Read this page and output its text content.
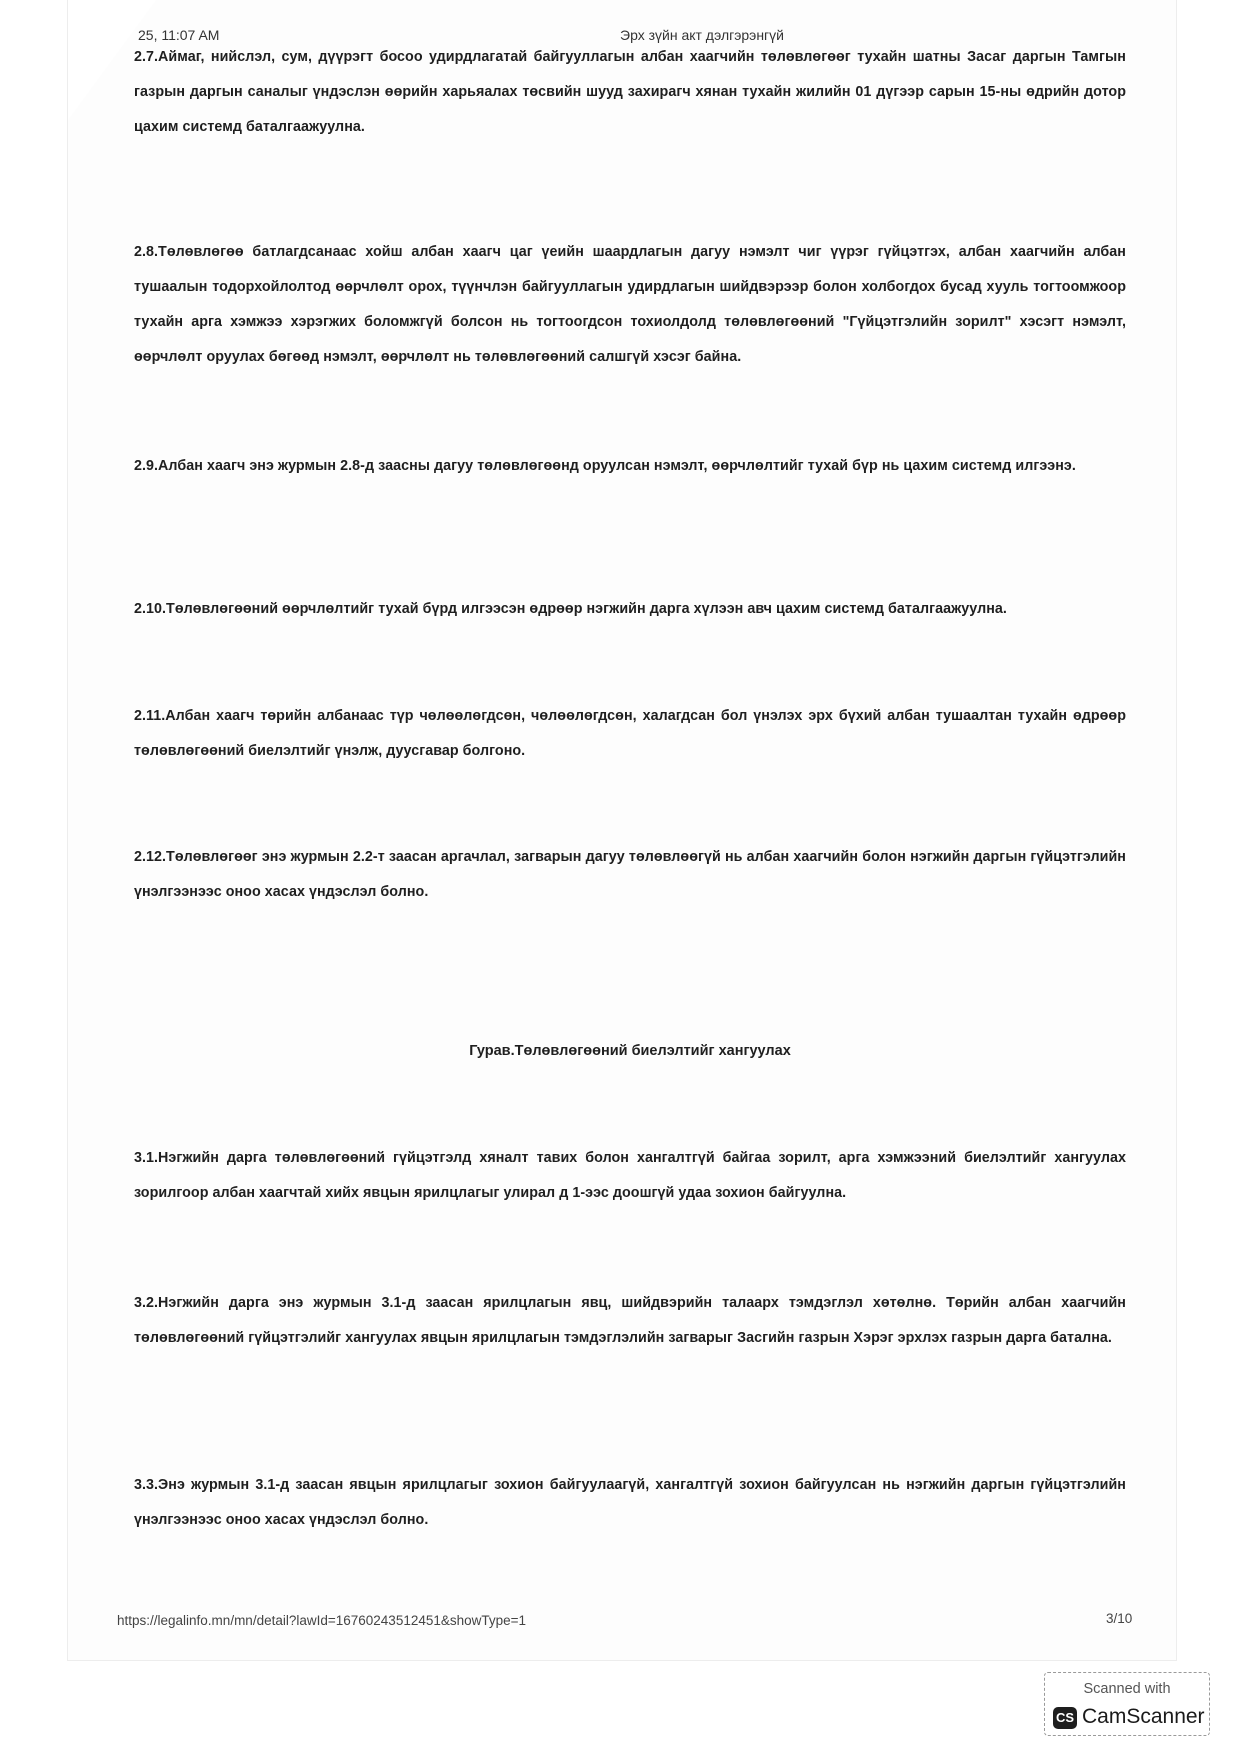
25, 11:07 AM	Эрх зүйн акт дэлгэрэнгүй

2.7.Аймаг, нийслэл, сум, дүүрэгт босоо удирдлагатай байгууллагын албан хаагчийн төлөвлөгөөг тухайн шатны Засаг даргын Тамгын газрын даргын саналыг үндэслэн өөрийн харьяалах төсвийн шууд захирагч хянан тухайн жилийн 01 дүгээр сарын 15-ны өдрийн дотор цахим системд баталгаажуулна.

2.8.Төлөвлөгөө батлагдсанаас хойш албан хаагч цаг үеийн шаардлагын дагуу нэмэлт чиг үүрэг гүйцэтгэх, албан хаагчийн албан тушаалын тодорхойлолтод өөрчлөлт орох, түүнчлэн байгууллагын удирдлагын шийдвэрээр болон холбогдох бусад хууль тогтоомжоор тухайн арга хэмжээ хэрэгжих боломжгүй болсон нь тогтоогдсон тохиолдолд төлөвлөгөөний "Гүйцэтгэлийн зорилт" хэсэгт нэмэлт, өөрчлөлт оруулах бөгөөд нэмэлт, өөрчлөлт нь төлөвлөгөөний салшгүй хэсэг байна.

2.9.Албан хаагч энэ журмын 2.8-д заасны дагуу төлөвлөгөөнд оруулсан нэмэлт, өөрчлөлтийг тухай бүр нь цахим системд илгээнэ.

2.10.Төлөвлөгөөний өөрчлөлтийг тухай бүрд илгээсэн өдрөөр нэгжийн дарга хүлээн авч цахим системд баталгаажуулна.

2.11.Албан хаагч төрийн албанаас түр чөлөөлөгдсөн, чөлөөлөгдсөн, халагдсан бол үнэлэх эрх бүхий албан тушаалтан тухайн өдрөөр төлөвлөгөөний биелэлтийг үнэлж, дуусгавар болгоно.

2.12.Төлөвлөгөөг энэ журмын 2.2-т заасан аргачлал, загварын дагуу төлөвлөөгүй нь албан хаагчийн болон нэгжийн даргын гүйцэтгэлийн үнэлгээнээс оноо хасах үндэслэл болно.

Гурав.Төлөвлөгөөний биелэлтийг хангуулах

3.1.Нэгжийн дарга төлөвлөгөөний гүйцэтгэлд хяналт тавих болон хангалтгүй байгаа зорилт, арга хэмжээний биелэлтийг хангуулах зорилгоор албан хаагчтай хийх явцын ярилцлагыг улирал д 1-ээс доошгүй удаа зохион байгуулна.

3.2.Нэгжийн дарга энэ журмын 3.1-д заасан ярилцлагын явц, шийдвэрийн талаарх тэмдэглэл хөтөлнө. Төрийн албан хаагчийн төлөвлөгөөний гүйцэтгэлийг хангуулах явцын ярилцлагын тэмдэглэлийн загварыг Засгийн газрын Хэрэг эрхлэх газрын дарга батална.

3.3.Энэ журмын 3.1-д заасан явцын ярилцлагыг зохион байгуулаагүй, хангалтгүй зохион байгуулсан нь нэгжийн даргын гүйцэтгэлийн үнэлгээнээс оноо хасах үндэслэл болно.

https://legalinfo.mn/mn/detail?lawId=16760243512451&showType=1	3/10
Scanned with
CS CamScanner
